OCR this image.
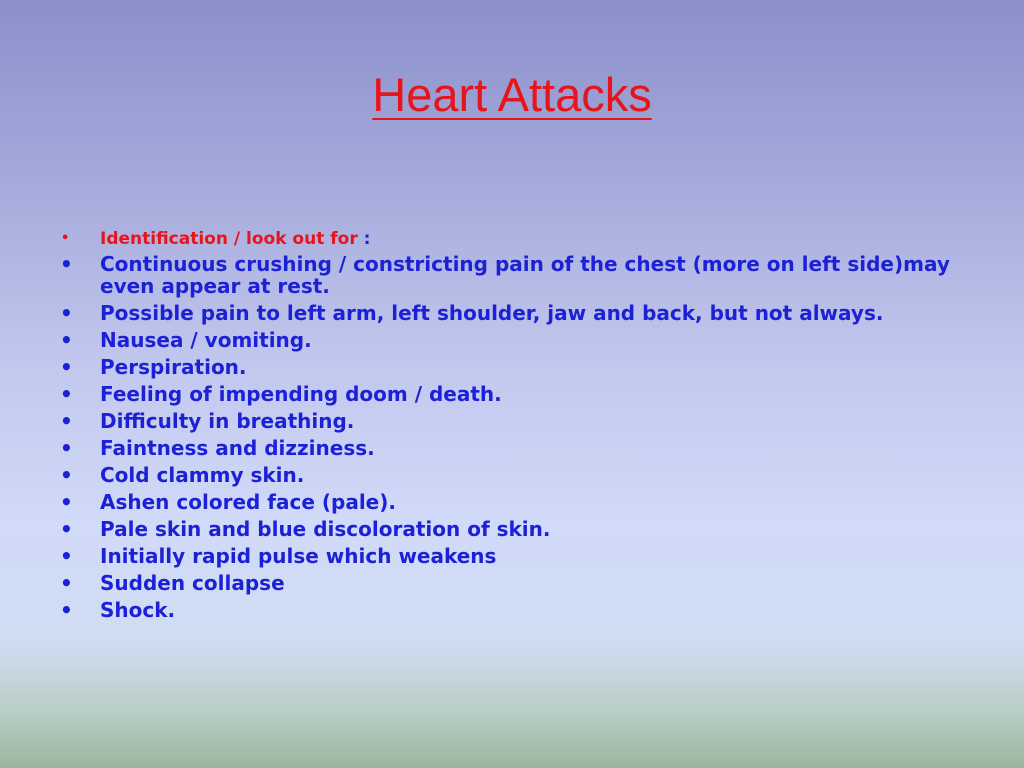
Heart Attacks
• Identification / look out for :
• Continuous crushing / constricting pain of the chest (more on left side)may even appear at rest.
• Possible pain to left arm, left shoulder, jaw and back, but not always.
• Nausea / vomiting.
• Perspiration.
• Feeling of impending doom / death.
• Difficulty in breathing.
• Faintness and dizziness.
• Cold clammy skin.
• Ashen colored face (pale).
• Pale skin and blue discoloration of skin.
• Initially rapid pulse which weakens
• Sudden collapse
• Shock.
